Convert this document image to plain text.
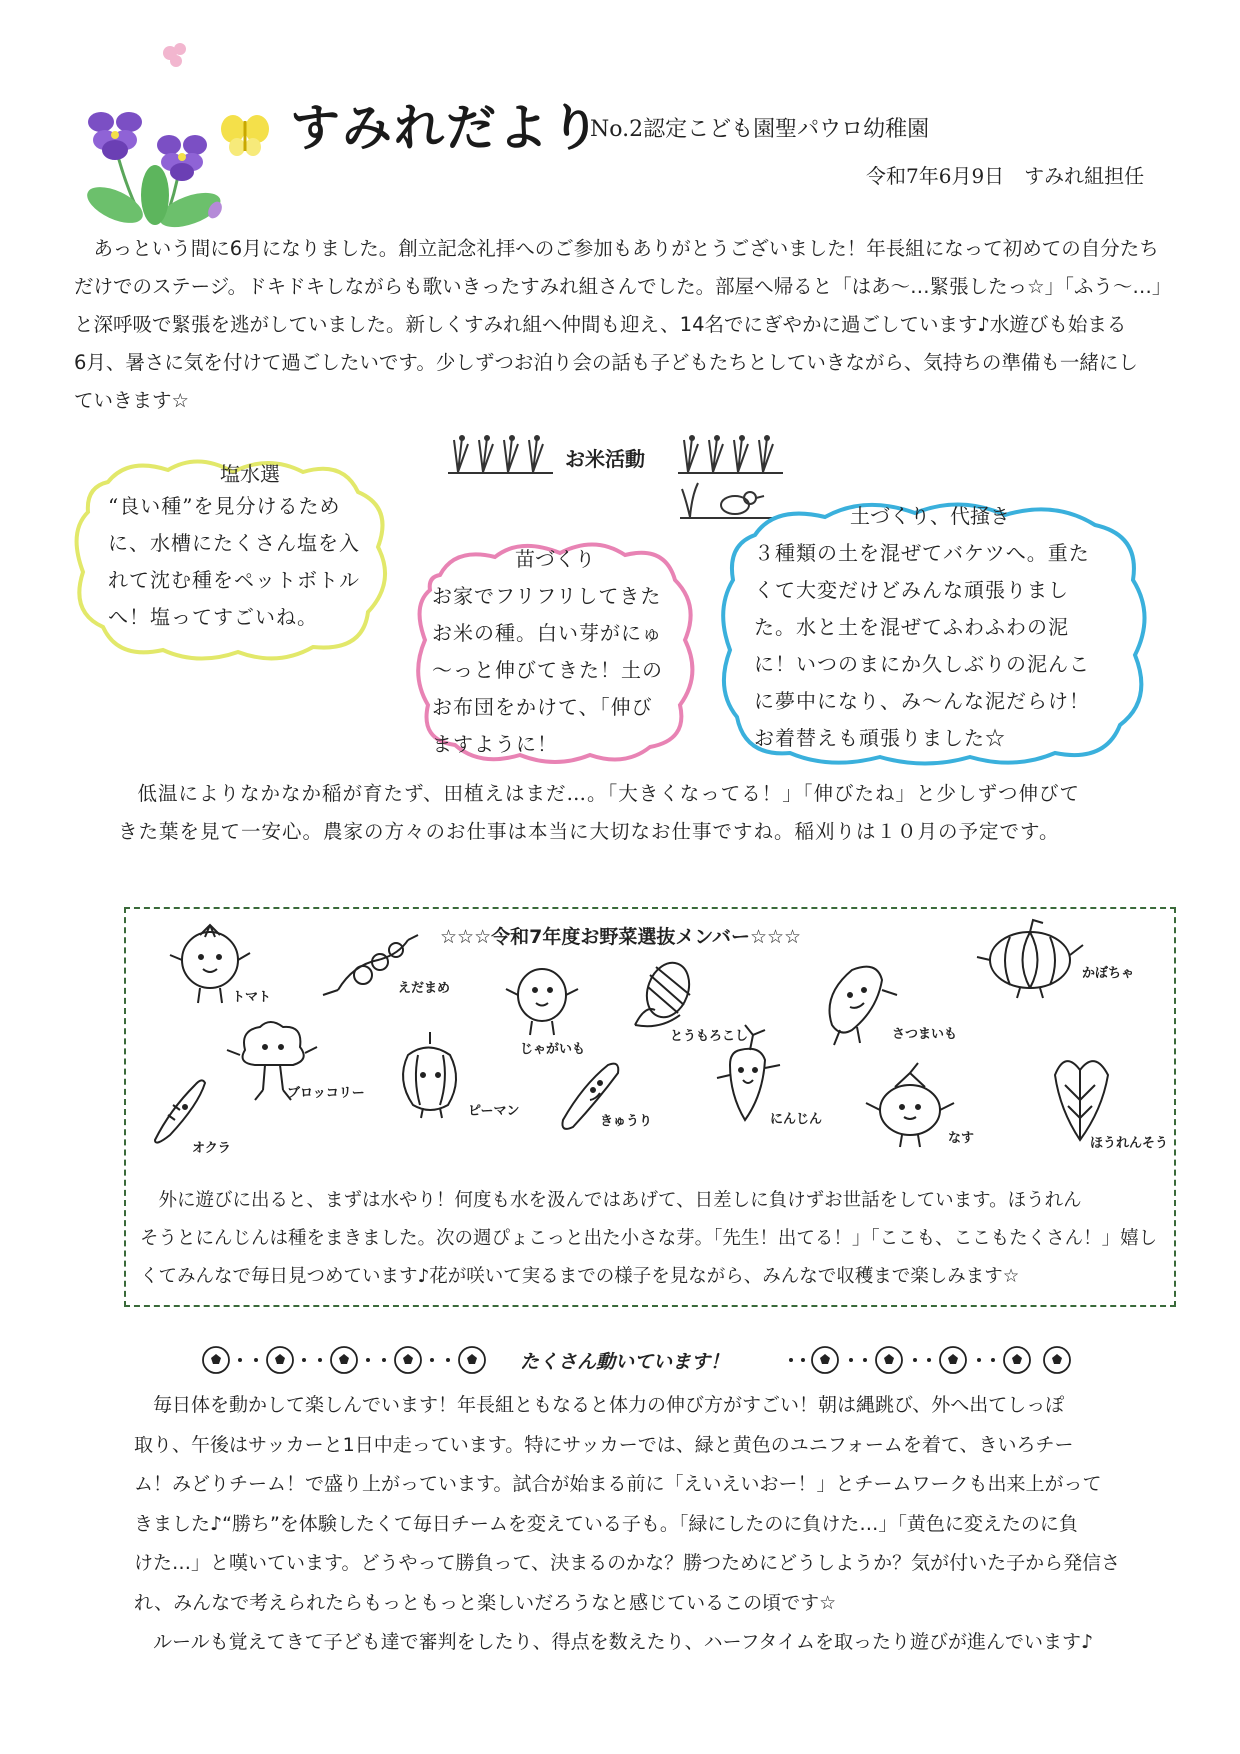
すみれだより
No.2認定こども園聖パウロ幼稚園
令和7年6月9日　すみれ組担任
あっという間に6月になりました。創立記念礼拝へのご参加もありがとうございました！年長組になって初めての自分たち
だけでのステージ。ドキドキしながらも歌いきったすみれ組さんでした。部屋へ帰ると「はあ～…緊張したっ☆」「ふう～…」
と深呼吸で緊張を逃がしていました。新しくすみれ組へ仲間も迎え、14名でにぎやかに過ごしています♪水遊びも始まる
6月、暑さに気を付けて過ごしたいです。少しずつお泊り会の話も子どもたちとしていきながら、気持ちの準備も一緒にし
ていきます☆
お米活動
塩水選
“良い種”を見分けるため
に、水槽にたくさん塩を入
れて沈む種をペットボトル
へ！塩ってすごいね。
苗づくり
お家でフリフリしてきた
お米の種。白い芽がにゅ
～っと伸びてきた！土の
お布団をかけて、「伸び
ますように！
土づくり、代掻き
３種類の土を混ぜてバケツへ。重た
くて大変だけどみんな頑張りまし
た。水と土を混ぜてふわふわの泥
に！いつのまにか久しぶりの泥んこ
に夢中になり、み～んな泥だらけ！
お着替えも頑張りました☆
低温によりなかなか稲が育たず、田植えはまだ…。「大きくなってる！」「伸びたね」と少しずつ伸びて
きた葉を見て一安心。農家の方々のお仕事は本当に大切なお仕事ですね。稲刈りは１０月の予定です。
☆☆☆令和7年度お野菜選抜メンバー☆☆☆
トマト
えだまめ
じゃがいも
とうもろこし	さつまいも
かぼちゃ
ブロッコリー
ピーマン
きゅうり	にんじん
なす	ほうれんそう
オクラ
外に遊びに出ると、まずは水やり！何度も水を汲んではあげて、日差しに負けずお世話をしています。ほうれん
そうとにんじんは種をまきました。次の週ぴょこっと出た小さな芽。「先生！出てる！」「ここも、ここもたくさん！」嬉し
くてみんなで毎日見つめています♪花が咲いて実るまでの様子を見ながら、みんなで収穫まで楽しみます☆
たくさん動いています！
毎日体を動かして楽しんでいます！年長組ともなると体力の伸び方がすごい！朝は縄跳び、外へ出てしっぽ
取り、午後はサッカーと1日中走っています。特にサッカーでは、緑と黄色のユニフォームを着て、きいろチー
ム！みどりチーム！で盛り上がっています。試合が始まる前に「えいえいおー！」とチームワークも出来上がって
きました♪“勝ち”を体験したくて毎日チームを変えている子も。「緑にしたのに負けた…」「黄色に変えたのに負
けた…」と嘆いています。どうやって勝負って、決まるのかな？勝つためにどうしようか？気が付いた子から発信さ
れ、みんなで考えられたらもっともっと楽しいだろうなと感じているこの頃です☆
　ルールも覚えてきて子ども達で審判をしたり、得点を数えたり、ハーフタイムを取ったり遊びが進んでいます♪
